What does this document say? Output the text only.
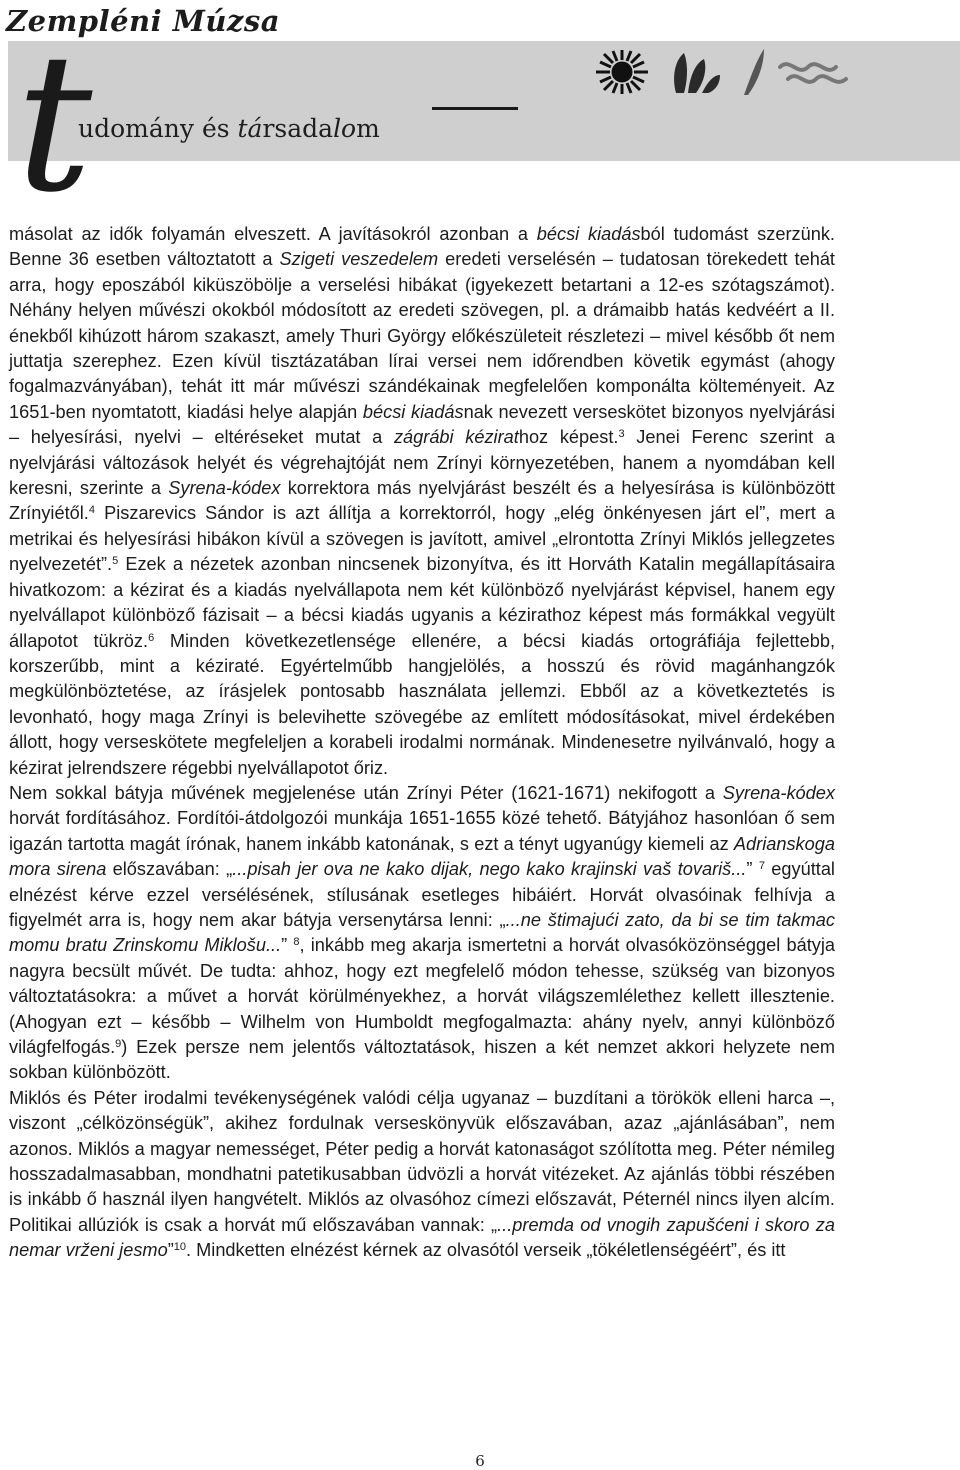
Zempléni Múzsa
t
udomány és társadalom

másolat az idők folyamán elveszett. A javításokról azonban a bécsi kiadásból tudomást szerzünk. Benne 36 esetben változtatott a Szigeti veszedelem eredeti verselésén – tudatosan törekedett tehát arra, hogy eposzából kiküszöbölje a verselési hibákat (igyekezett betartani a 12-es szótagszámot). Néhány helyen művészi okokból módosított az eredeti szövegen, pl. a drámaibb hatás kedvéért a II. énekből kihúzott három szakaszt, amely Thuri György előkészületeit részletezi – mivel később őt nem juttatja szerephez. Ezen kívül tisztázatában lírai versei nem időrendben követik egymást (ahogy fogalmazványában), tehát itt már művészi szándékainak megfelelően komponálta költeményeit. Az 1651-ben nyomtatott, kiadási helye alapján bécsi kiadásnak nevezett verseskötet bizonyos nyelvjárási – helyesírási, nyelvi – eltéréseket mutat a zágrábi kézirathoz képest.$^3$ Jenei Ferenc szerint a nyelvjárási változások helyét és végrehajtóját nem Zrínyi környezetében, hanem a nyomdában kell keresni, szerinte a Syrena-kódex korrektora más nyelvjárást beszélt és a helyesírása is különbözött Zrínyiétől.$^4$ Piszarevics Sándor is azt állítja a korrektorról, hogy „elég önkényesen járt el”, mert a metrikai és helyesírási hibákon kívül a szövegen is javított, amivel „elrontotta Zrínyi Miklós jellegzetes nyelvezetét”.$^5$ Ezek a nézetek azonban nincsenek bizonyítva, és itt Horváth Katalin megállapításaira hivatkozom: a kézirat és a kiadás nyelvállapota nem két különböző nyelvjárást képvisel, hanem egy nyelvállapot különböző fázisait – a bécsi kiadás ugyanis a kézirathoz képest más formákkal vegyült állapotot tükröz.$^6$ Minden következetlensége ellenére, a bécsi kiadás ortográfiája fejlettebb, korszerűbb, mint a kéziraté. Egyértelműbb hangjelölés, a hosszú és rövid magánhangzók megkülönböztetése, az írásjelek pontosabb használata jellemzi. Ebből az a következtetés is levonható, hogy maga Zrínyi is belevihette szövegébe az említett módosításokat, mivel érdekében állott, hogy verseskötete megfeleljen a korabeli irodalmi normának. Mindenesetre nyilvánvaló, hogy a kézirat jelrendszere régebbi nyelvállapotot őriz.

Nem sokkal bátyja művének megjelenése után Zrínyi Péter (1621-1671) nekifogott a Syrena-kódex horvát fordításához. Fordítói-átdolgozói munkája 1651-1655 közé tehető. Bátyjához hasonlóan ő sem igazán tartotta magát írónak, hanem inkább katonának, s ezt a tényt ugyanúgy kiemeli az Adrianskoga mora sirena előszavában: „...pisah jer ova ne kako dijak, nego kako krajinski vaš tovariš...” $^7$ egyúttal elnézést kérve ezzel versélésének, stílusának esetleges hibáiért. Horvát olvasóinak felhívja a figyelmét arra is, hogy nem akar bátyja versenytársa lenni: „...ne štimajući zato, da bi se tim takmac momu bratu Zrinskomu Miklošu...” $^8$, inkább meg akarja ismertetni a horvát olvasóközönséggel bátyja nagyra becsült művét. De tudta: ahhoz, hogy ezt megfelelő módon tehesse, szükség van bizonyos változtatásokra: a művet a horvát körülményekhez, a horvát világszemlélethez kellett illesztenie. (Ahogyan ezt – később – Wilhelm von Humboldt megfogalmazta: ahány nyelv, annyi különböző világfelfogás.$^9$) Ezek persze nem jelentős változtatások, hiszen a két nemzet akkori helyzete nem sokban különbözött.

Miklós és Péter irodalmi tevékenységének valódi célja ugyanaz – buzdítani a törökök elleni harca –, viszont „célközönségük”, akihez fordulnak verseskönyvük előszavában, azaz „ajánlásában”, nem azonos. Miklós a magyar nemességet, Péter pedig a horvát katonaságot szólította meg. Péter némileg hosszadalmasabban, mondhatni patetikusabban üdvözli a horvát vitézeket. Az ajánlás többi részében is inkább ő használ ilyen hangvételt. Miklós az olvasóhoz címezi előszavát, Péternél nincs ilyen alcím. Politikai allúziók is csak a horvát mű előszavában vannak: „...premda od vnogih zapušćeni i skoro za nemar vrženi jesmo”$^{10}$. Mindketten elnézést kérnek az olvasótól verseik „tökéletlenségéért”, és itt

6
